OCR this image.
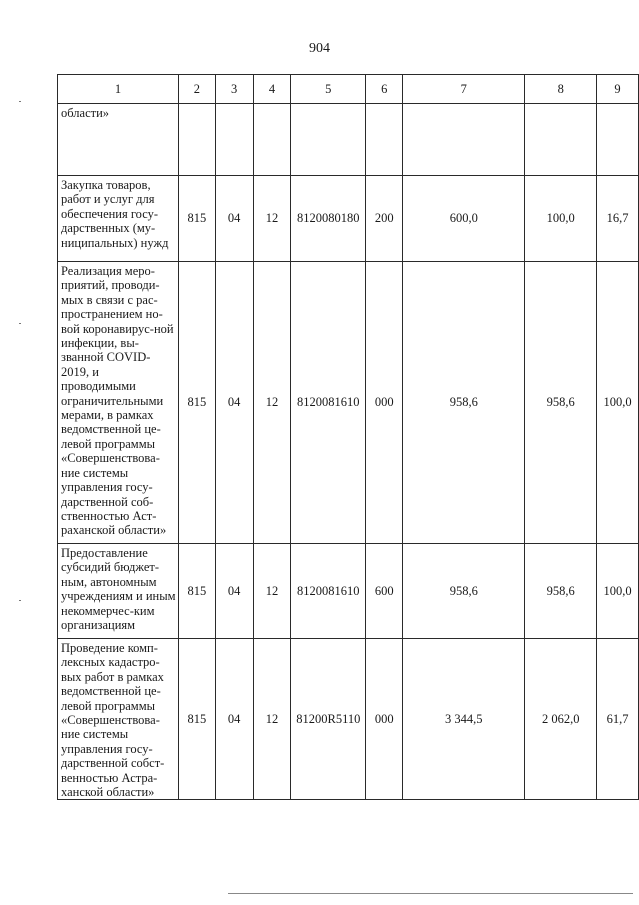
904
1	2	3	4	5	6	7	8	9
области»								
Закупка товаров, работ и услуг для обеспечения госу-дарственных (му-ниципальных) нужд	815	04	12	8120080180	200	600,0	100,0	16,7
Реализация меро-приятий, проводи-мых в связи с рас-пространением но-вой коронавирус-ной инфекции, вы-званной COVID-2019, и проводимыми ограничительными мерами, в рамках ведомственной це-левой программы «Совершенствова-ние системы управления госу-дарственной соб-ственностью Аст-раханской области»	815	04	12	8120081610	000	958,6	958,6	100,0
Предоставление субсидий бюджет-ным, автономным учреждениям и иным некоммерчес-ким организациям	815	04	12	8120081610	600	958,6	958,6	100,0
Проведение комп-лексных кадастро-вых работ в рамках ведомственной це-левой программы «Совершенствова-ние системы управления госу-дарственной собст-венностью Астра-ханской области»	815	04	12	81200R5110	000	3 344,5	2 062,0	61,7
